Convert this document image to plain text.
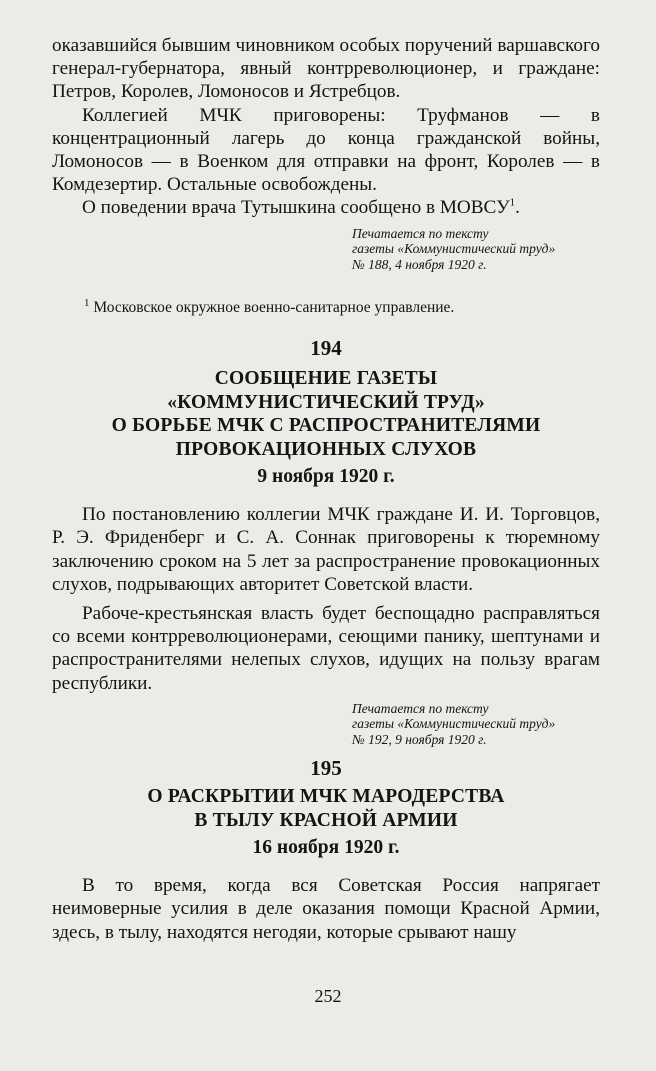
оказавшийся бывшим чиновником особых поручений варшавского генерал-губернатора, явный контрреволюционер, и граждане: Петров, Королев, Ломоносов и Ястребцов.

Коллегией МЧК приговорены: Труфманов — в концентрационный лагерь до конца гражданской войны, Ломоносов — в Военком для отправки на фронт, Королев — в Комдезертир. Остальные освобождены.

О поведении врача Тутышкина сообщено в МОВСУ$^1$.

Печатается по тексту
газеты «Коммунистический труд»
№ 188, 4 ноября 1920 г.

$^1$ Московское окружное военно-санитарное управление.

194
СООБЩЕНИЕ ГАЗЕТЫ
«КОММУНИСТИЧЕСКИЙ ТРУД»
О БОРЬБЕ МЧК С РАСПРОСТРАНИТЕЛЯМИ
ПРОВОКАЦИОННЫХ СЛУХОВ
9 ноября 1920 г.

По постановлению коллегии МЧК граждане И. И. Торговцов, Р. Э. Фриденберг и С. А. Соннак приговорены к тюремному заключению сроком на 5 лет за распространение провокационных слухов, подрывающих авторитет Советской власти.

Рабоче-крестьянская власть будет беспощадно расправляться со всеми контрреволюционерами, сеющими панику, шептунами и распространителями нелепых слухов, идущих на пользу врагам республики.

Печатается по тексту
газеты «Коммунистический труд»
№ 192, 9 ноября 1920 г.

195
О РАСКРЫТИИ МЧК МАРОДЕРСТВА
В ТЫЛУ КРАСНОЙ АРМИИ
16 ноября 1920 г.

В то время, когда вся Советская Россия напрягает неимоверные усилия в деле оказания помощи Красной Армии, здесь, в тылу, находятся негодяи, которые срывают нашу

252
